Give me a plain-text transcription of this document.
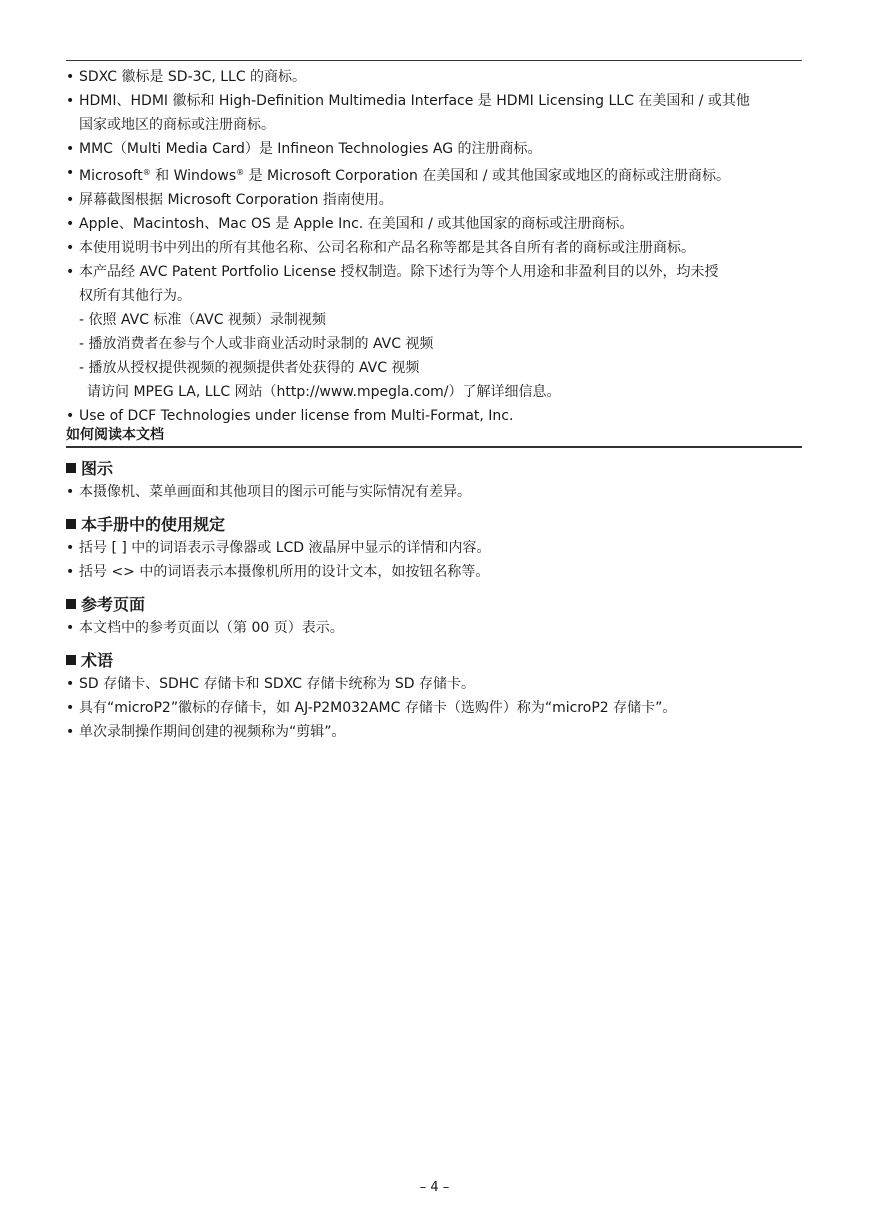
• SDXC 徽标是 SD-3C, LLC 的商标。
• HDMI、HDMI 徽标和 High-Definition Multimedia Interface 是 HDMI Licensing LLC 在美国和 / 或其他
国家或地区的商标或注册商标。
• MMC（Multi Media Card）是 Infineon Technologies AG 的注册商标。
• Microsoft® 和 Windows® 是 Microsoft Corporation 在美国和 / 或其他国家或地区的商标或注册商标。
• 屏幕截图根据 Microsoft Corporation 指南使用。
• Apple、Macintosh、Mac OS 是 Apple Inc. 在美国和 / 或其他国家的商标或注册商标。
• 本使用说明书中列出的所有其他名称、公司名称和产品名称等都是其各自所有者的商标或注册商标。
• 本产品经 AVC Patent Portfolio License 授权制造。除下述行为等个人用途和非盈利目的以外，均未授
权所有其他行为。
- 依照 AVC 标准（AVC 视频）录制视频
- 播放消费者在参与个人或非商业活动时录制的 AVC 视频
- 播放从授权提供视频的视频提供者处获得的 AVC 视频
请访问 MPEG LA, LLC 网站（http://www.mpegla.com/）了解详细信息。
• Use of DCF Technologies under license from Multi-Format, Inc.
如何阅读本文档
图示
• 本摄像机、菜单画面和其他项目的图示可能与实际情况有差异。
本手册中的使用规定
• 括号 [ ] 中的词语表示寻像器或 LCD 液晶屏中显示的详情和内容。
• 括号 <> 中的词语表示本摄像机所用的设计文本，如按钮名称等。
参考页面
• 本文档中的参考页面以（第 00 页）表示。
术语
• SD 存储卡、SDHC 存储卡和 SDXC 存储卡统称为 SD 存储卡。
• 具有“microP2”徽标的存储卡，如 AJ-P2M032AMC 存储卡（选购件）称为“microP2 存储卡”。
• 单次录制操作期间创建的视频称为“剪辑”。
– 4 –
